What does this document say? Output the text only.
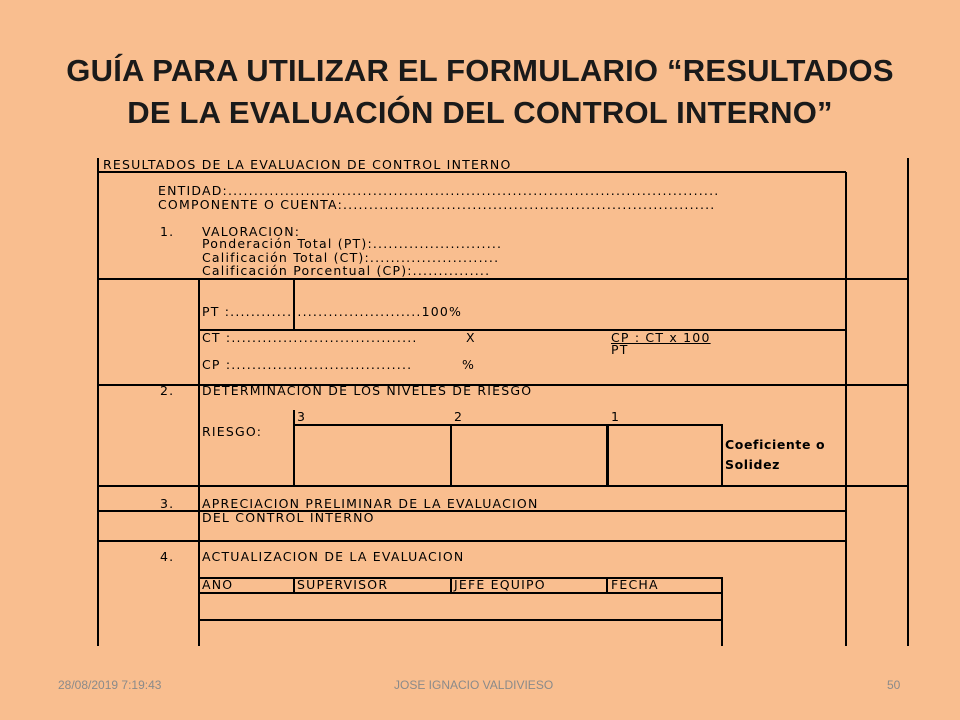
GUÍA PARA UTILIZAR EL FORMULARIO “RESULTADOS
DE LA EVALUACIÓN DEL CONTROL INTERNO”
RESULTADOS DE LA EVALUACION DE CONTROL INTERNO
ENTIDAD:...............................................................................................
COMPONENTE O CUENTA:........................................................................
1. VALORACION:
Ponderación Total (PT):.........................
Calificación Total (CT):.........................
Calificación Porcentual (CP):...............
PT :.....................................100%
CT :....................................	X	CP : CT x 100
PT
CP :...................................	%
2. DETERMINACION DE LOS NIVELES DE RIESGO
RIESGO:
3	2	1
Coeficiente o
Solidez
3. APRECIACION PRELIMINAR DE LA EVALUACION
DEL CONTROL INTERNO
4. ACTUALIZACION DE LA EVALUACION
AÑO	SUPERVISOR	JEFE EQUIPO	FECHA
28/08/2019 7:19:43	JOSE IGNACIO VALDIVIESO	50
